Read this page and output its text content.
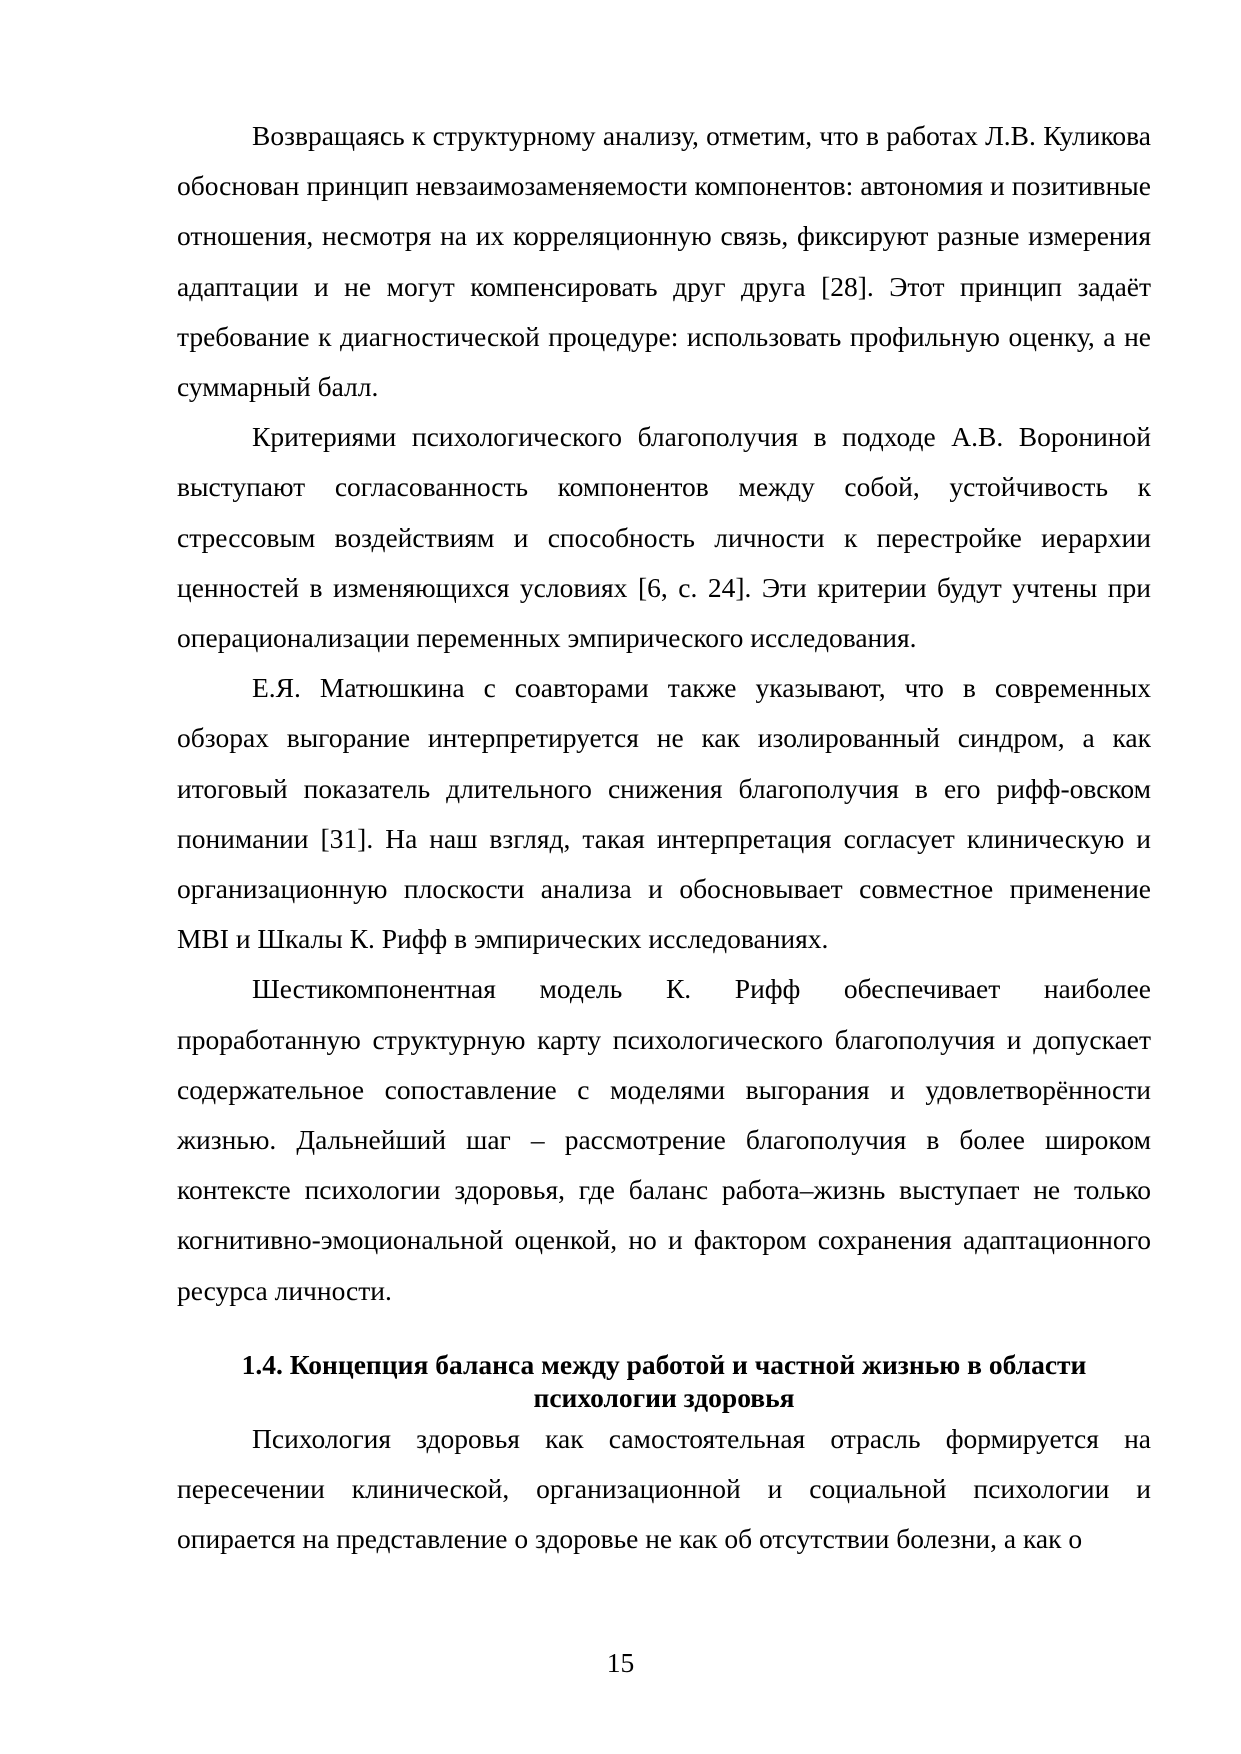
Возвращаясь к структурному анализу, отметим, что в работах Л.В. Куликова обоснован принцип невзаимозаменяемости компонентов: автономия и позитивные отношения, несмотря на их корреляционную связь, фиксируют разные измерения адаптации и не могут компенсировать друг друга [28]. Этот принцип задаёт требование к диагностической процедуре: использовать профильную оценку, а не суммарный балл.

Критериями психологического благополучия в подходе А.В. Ворониной выступают согласованность компонентов между собой, устойчивость к стрессовым воздействиям и способность личности к перестройке иерархии ценностей в изменяющихся условиях [6, с. 24]. Эти критерии будут учтены при операционализации переменных эмпирического исследования.

Е.Я. Матюшкина с соавторами также указывают, что в современных обзорах выгорание интерпретируется не как изолированный синдром, а как итоговый показатель длительного снижения благополучия в его рифф-овском понимании [31]. На наш взгляд, такая интерпретация согласует клиническую и организационную плоскости анализа и обосновывает совместное применение MBI и Шкалы К. Рифф в эмпирических исследованиях.

Шестикомпонентная модель К. Рифф обеспечивает наиболее проработанную структурную карту психологического благополучия и допускает содержательное сопоставление с моделями выгорания и удовлетворённости жизнью. Дальнейший шаг – рассмотрение благополучия в более широком контексте психологии здоровья, где баланс работа–жизнь выступает не только когнитивно-эмоциональной оценкой, но и фактором сохранения адаптационного ресурса личности.

1.4. Концепция баланса между работой и частной жизнью в области
психологии здоровья

Психология здоровья как самостоятельная отрасль формируется на пересечении клинической, организационной и социальной психологии и опирается на представление о здоровье не как об отсутствии болезни, а как о

15
